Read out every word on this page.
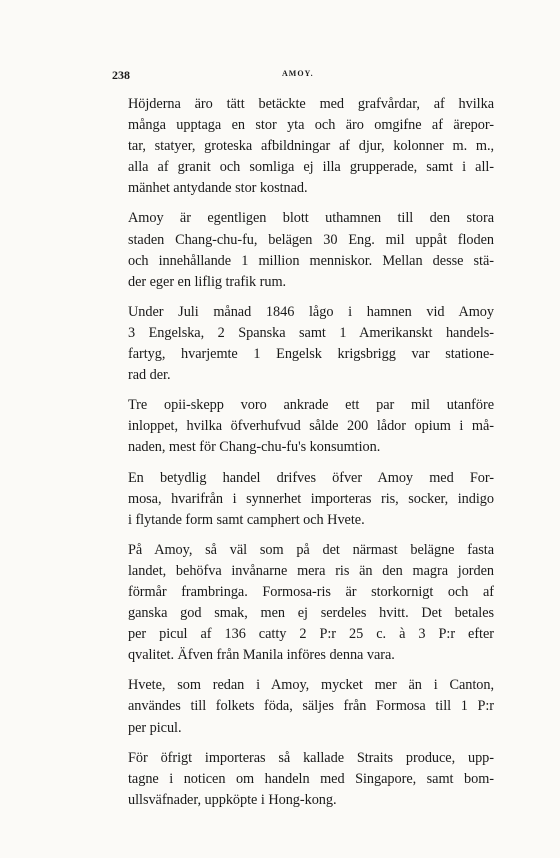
238	AMOY.

Höjderna äro tätt betäckte med grafvårdar, af hvilka
många upptaga en stor yta och äro omgifne af ärepor-
tar, statyer, groteska afbildningar af djur, kolonner m. m.,
alla af granit och somliga ej illa grupperade, samt i all-
mänhet antydande stor kostnad.

Amoy är egentligen blott uthamnen till den stora
staden Chang-chu-fu, belägen 30 Eng. mil uppåt floden
och innehållande 1 million menniskor. Mellan desse stä-
der eger en liflig trafik rum.

Under Juli månad 1846 lågo i hamnen vid Amoy
3 Engelska, 2 Spanska samt 1 Amerikanskt handels-
fartyg, hvarjemte 1 Engelsk krigsbrigg var statione-
rad der.

Tre opii-skepp voro ankrade ett par mil utanföre
inloppet, hvilka öfverhufvud sålde 200 lådor opium i må-
naden, mest för Chang-chu-fu's konsumtion.

En betydlig handel drifves öfver Amoy med For-
mosa, hvarifrån i synnerhet importeras ris, socker, indigo
i flytande form samt camphert och Hvete.

På Amoy, så väl som på det närmast belägne fasta
landet, behöfva invånarne mera ris än den magra jorden
förmår frambringa. Formosa-ris är storkornigt och af
ganska god smak, men ej serdeles hvitt. Det betales
per picul af 136 catty 2 P:r 25 c. à 3 P:r efter
qvalitet. Äfven från Manila införes denna vara.

Hvete, som redan i Amoy, mycket mer än i Canton,
användes till folkets föda, säljes från Formosa till 1 P:r
per picul.

För öfrigt importeras så kallade Straits produce, upp-
tagne i noticen om handeln med Singapore, samt bom-
ullsväfnader, uppköpte i Hong-kong.
